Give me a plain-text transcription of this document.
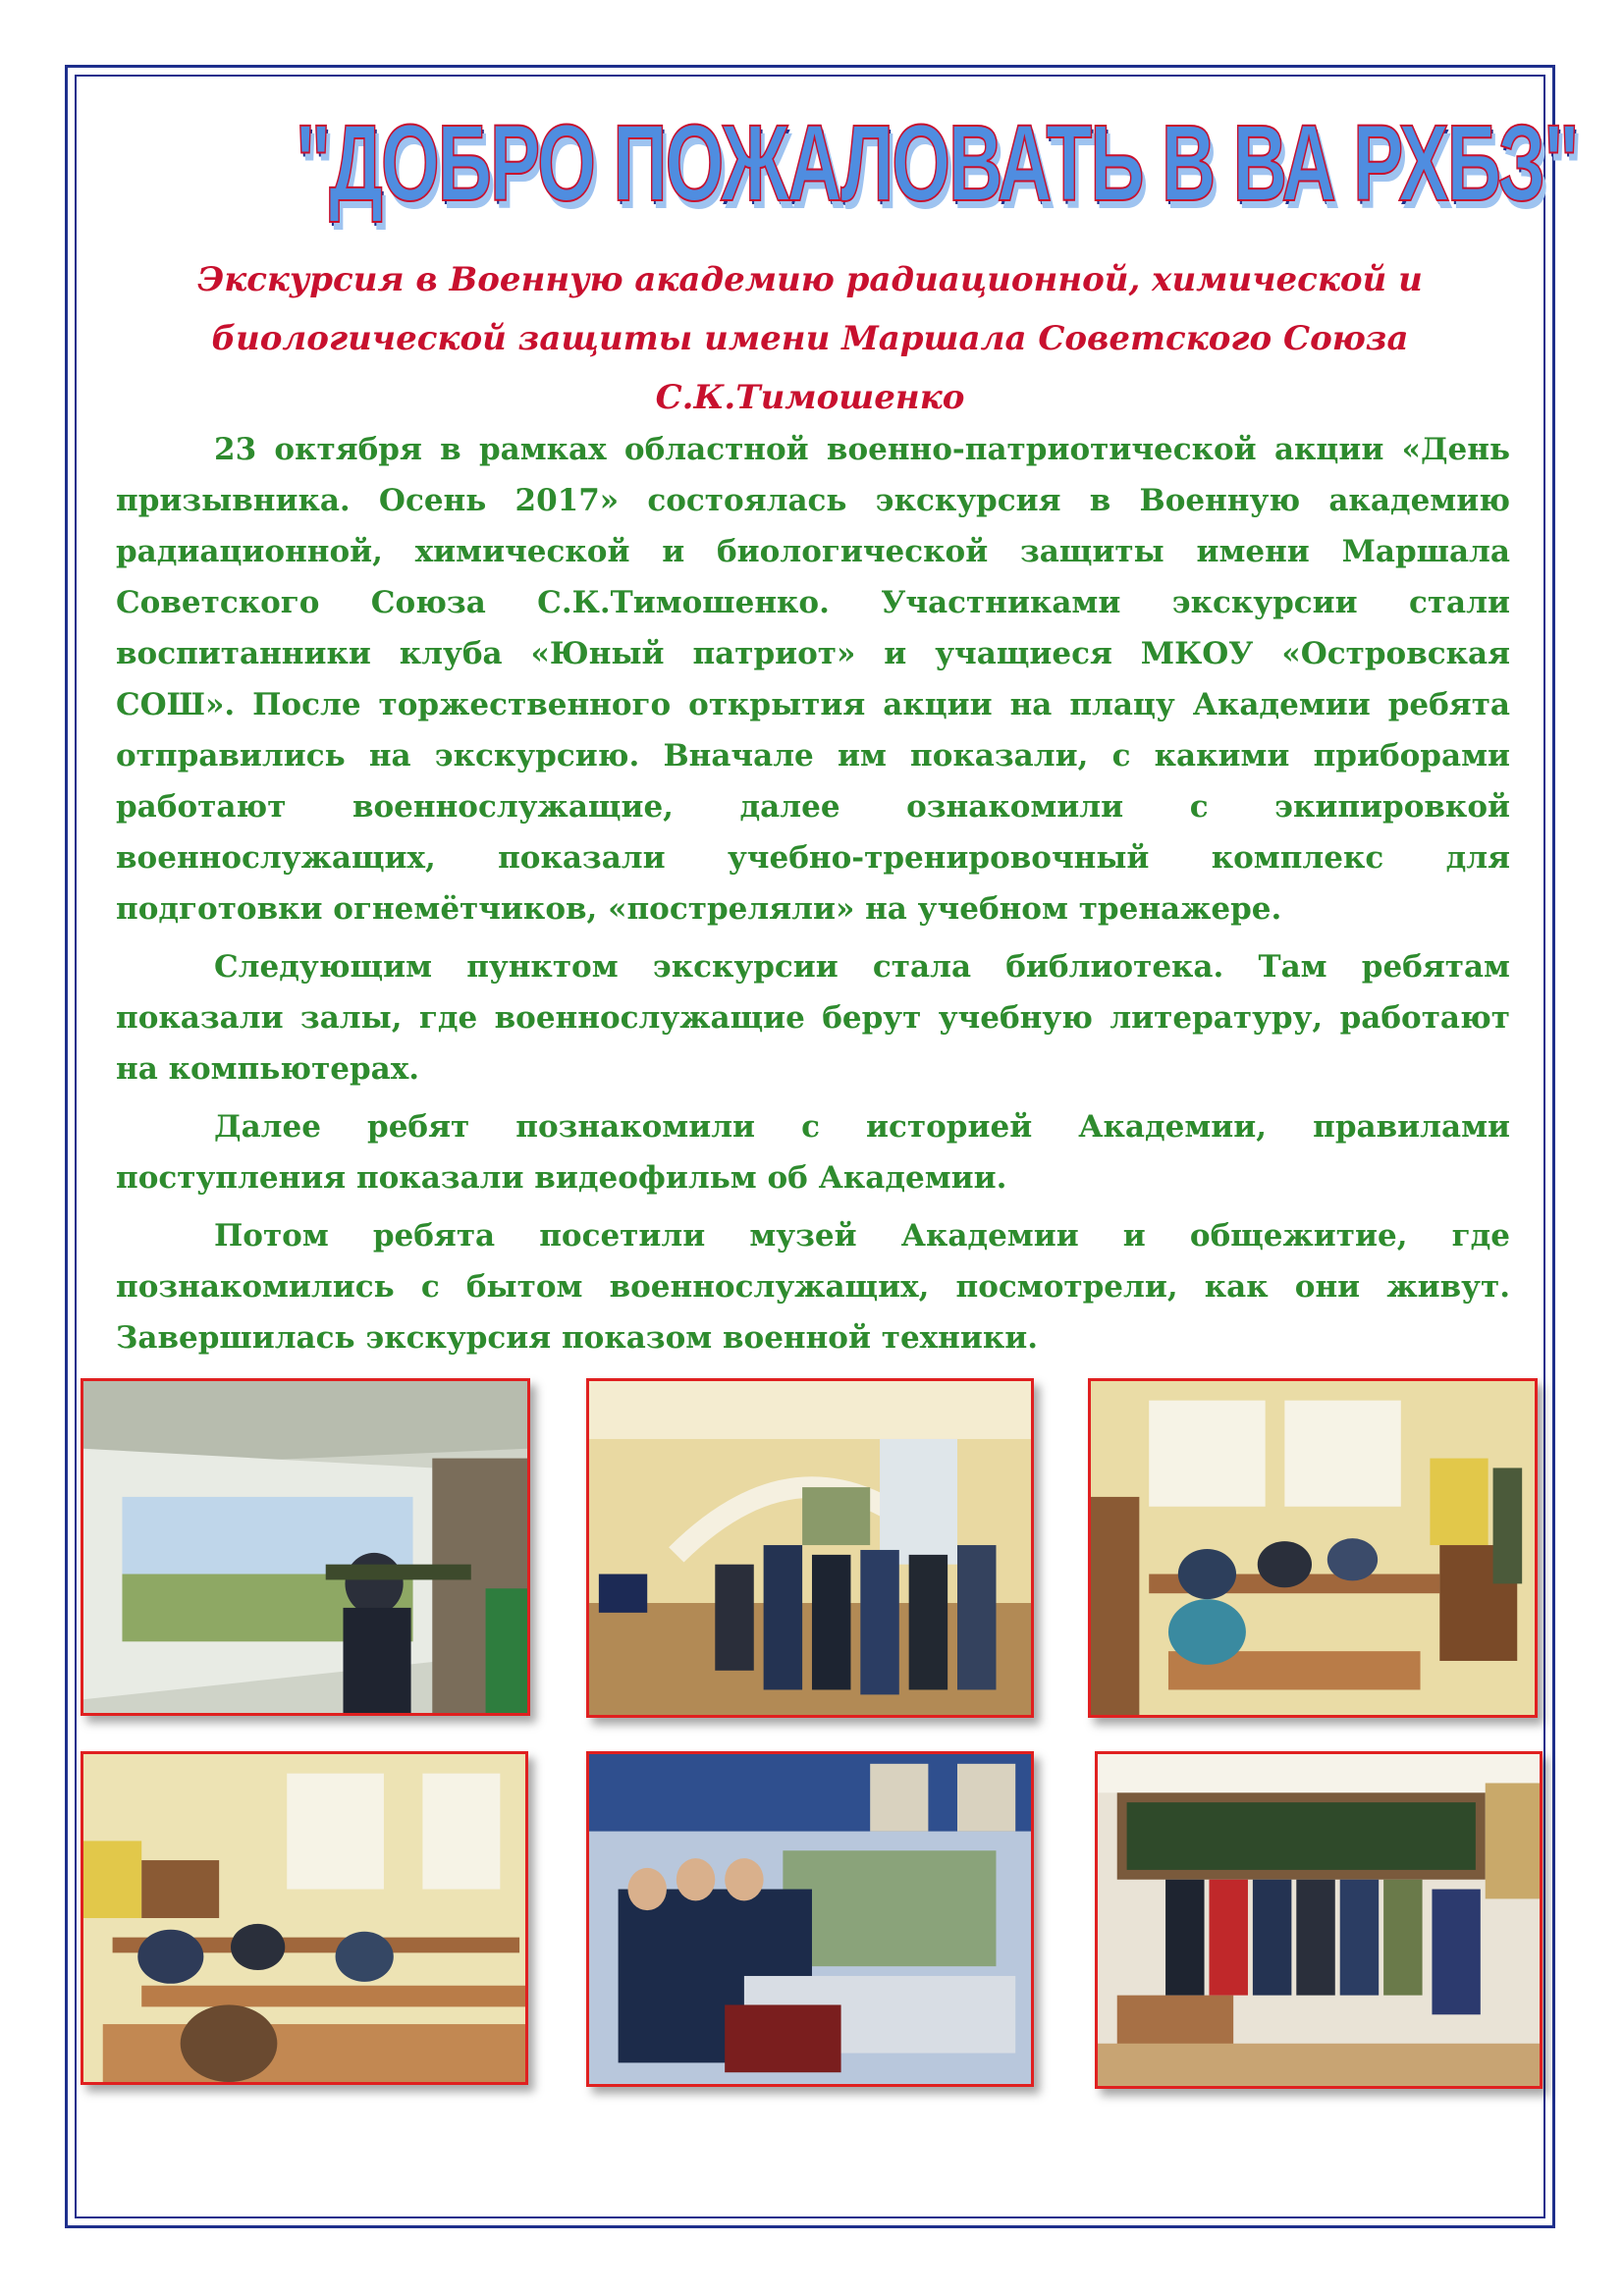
"ДОБРО ПОЖАЛОВАТЬ В ВА РХБЗ"
Экскурсия в Военную академию радиационной, химической и биологической защиты имени Маршала Советского Союза С.К.Тимошенко

23 октября в рамках областной военно-патриотической акции «День призывника. Осень 2017» состоялась экскурсия в Военную академию радиационной, химической и биологической защиты имени Маршала Советского Союза С.К.Тимошенко. Участниками экскурсии стали воспитанники клуба «Юный патриот» и учащиеся МКОУ «Островская СОШ». После торжественного открытия акции на плацу Академии ребята отправились на экскурсию. Вначале им показали, с какими приборами работают военнослужащие, далее ознакомили с экипировкой военнослужащих, показали учебно-тренировочный комплекс для подготовки огнемётчиков, «постреляли» на учебном тренажере.

Следующим пунктом экскурсии стала библиотека. Там ребятам показали залы, где военнослужащие берут учебную литературу, работают на компьютерах.

Далее ребят познакомили с историей Академии, правилами поступления показали видеофильм об Академии.

Потом ребята посетили музей Академии и общежитие, где познакомились с бытом военнослужащих, посмотрели, как они живут. Завершилась экскурсия показом военной техники.
